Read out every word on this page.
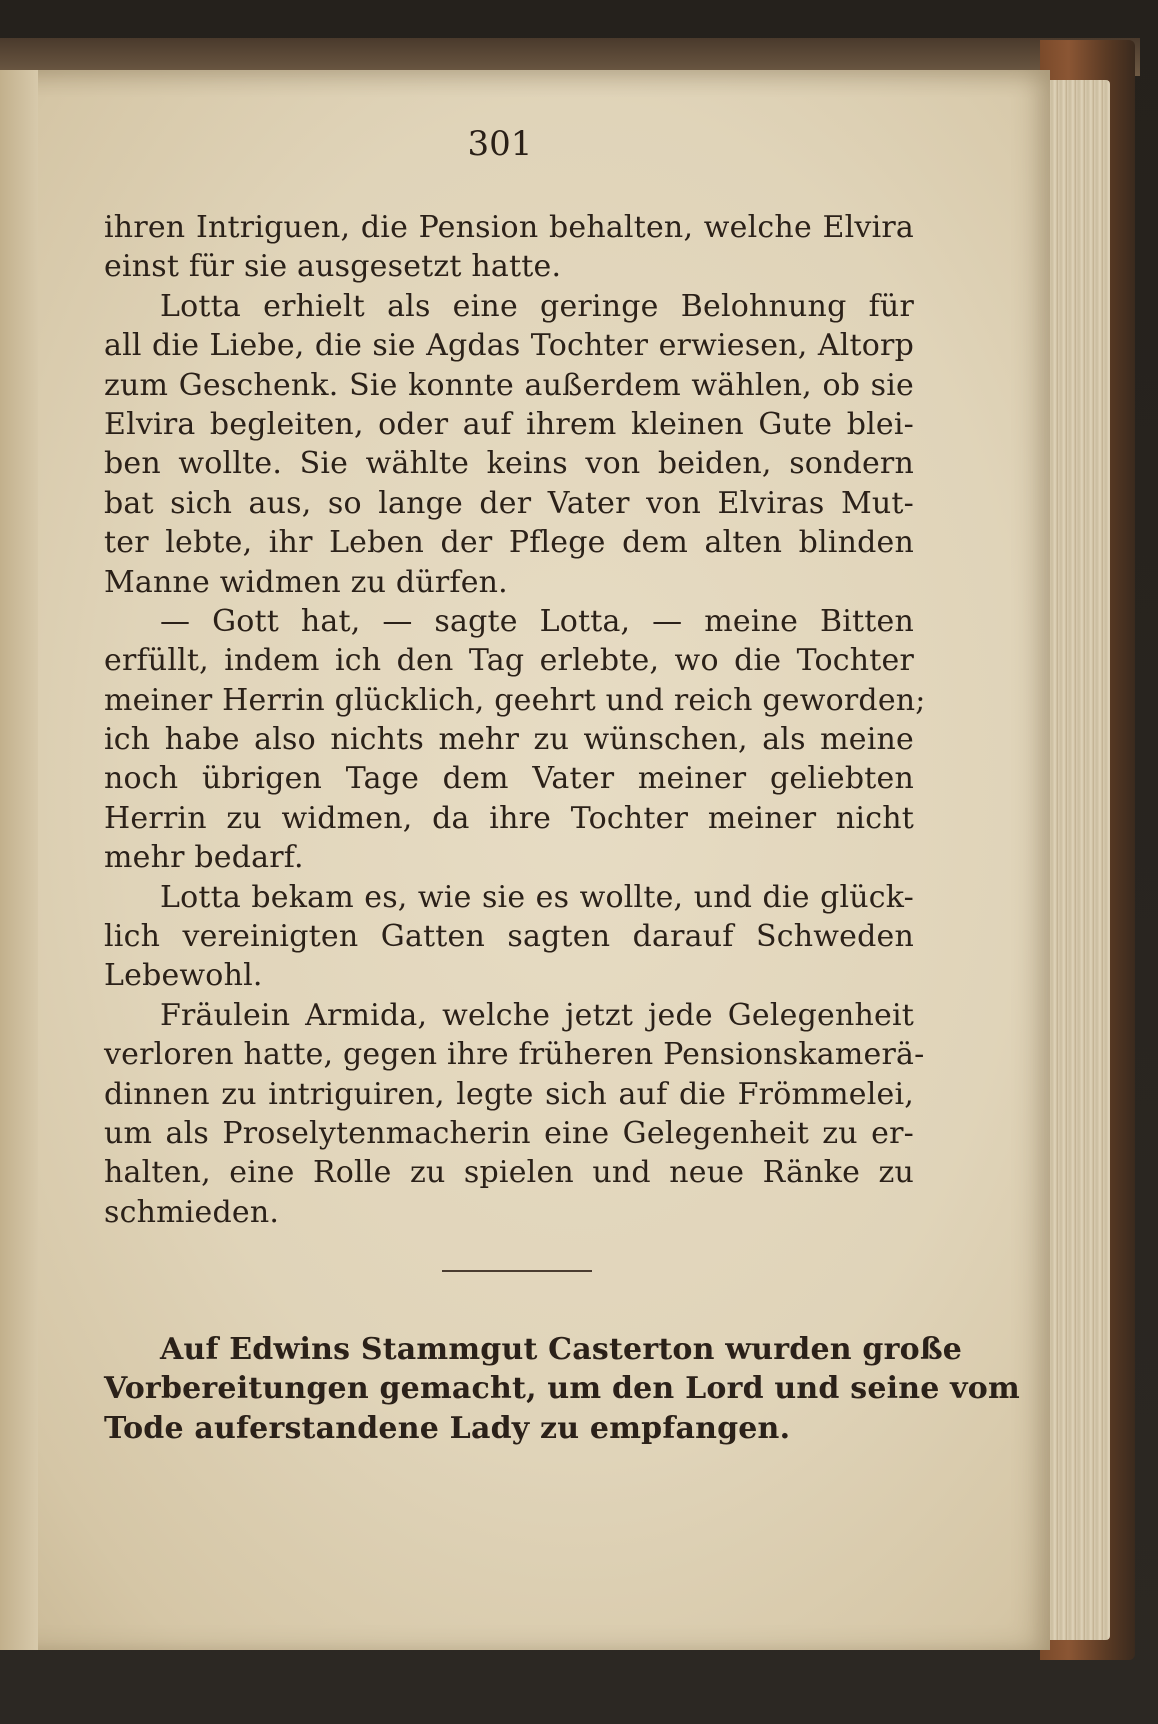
301
ihren Intriguen, die Pension behalten, welche Elvira
einst für sie ausgesetzt hatte.
Lotta erhielt als eine geringe Belohnung für
all die Liebe, die sie Agdas Tochter erwiesen, Altorp
zum Geschenk. Sie konnte außerdem wählen, ob sie
Elvira begleiten, oder auf ihrem kleinen Gute blei-
ben wollte. Sie wählte keins von beiden, sondern
bat sich aus, so lange der Vater von Elviras Mut-
ter lebte, ihr Leben der Pflege dem alten blinden
Manne widmen zu dürfen.
— Gott hat, — sagte Lotta, — meine Bitten
erfüllt, indem ich den Tag erlebte, wo die Tochter
meiner Herrin glücklich, geehrt und reich geworden;
ich habe also nichts mehr zu wünschen, als meine
noch übrigen Tage dem Vater meiner geliebten
Herrin zu widmen, da ihre Tochter meiner nicht
mehr bedarf.
Lotta bekam es, wie sie es wollte, und die glück-
lich vereinigten Gatten sagten darauf Schweden
Lebewohl.
Fräulein Armida, welche jetzt jede Gelegenheit
verloren hatte, gegen ihre früheren Pensionskamerä-
dinnen zu intriguiren, legte sich auf die Frömmelei,
um als Proselytenmacherin eine Gelegenheit zu er-
halten, eine Rolle zu spielen und neue Ränke zu
schmieden.
Auf Edwins Stammgut Casterton wurden große
Vorbereitungen gemacht, um den Lord und seine vom
Tode auferstandene Lady zu empfangen.
